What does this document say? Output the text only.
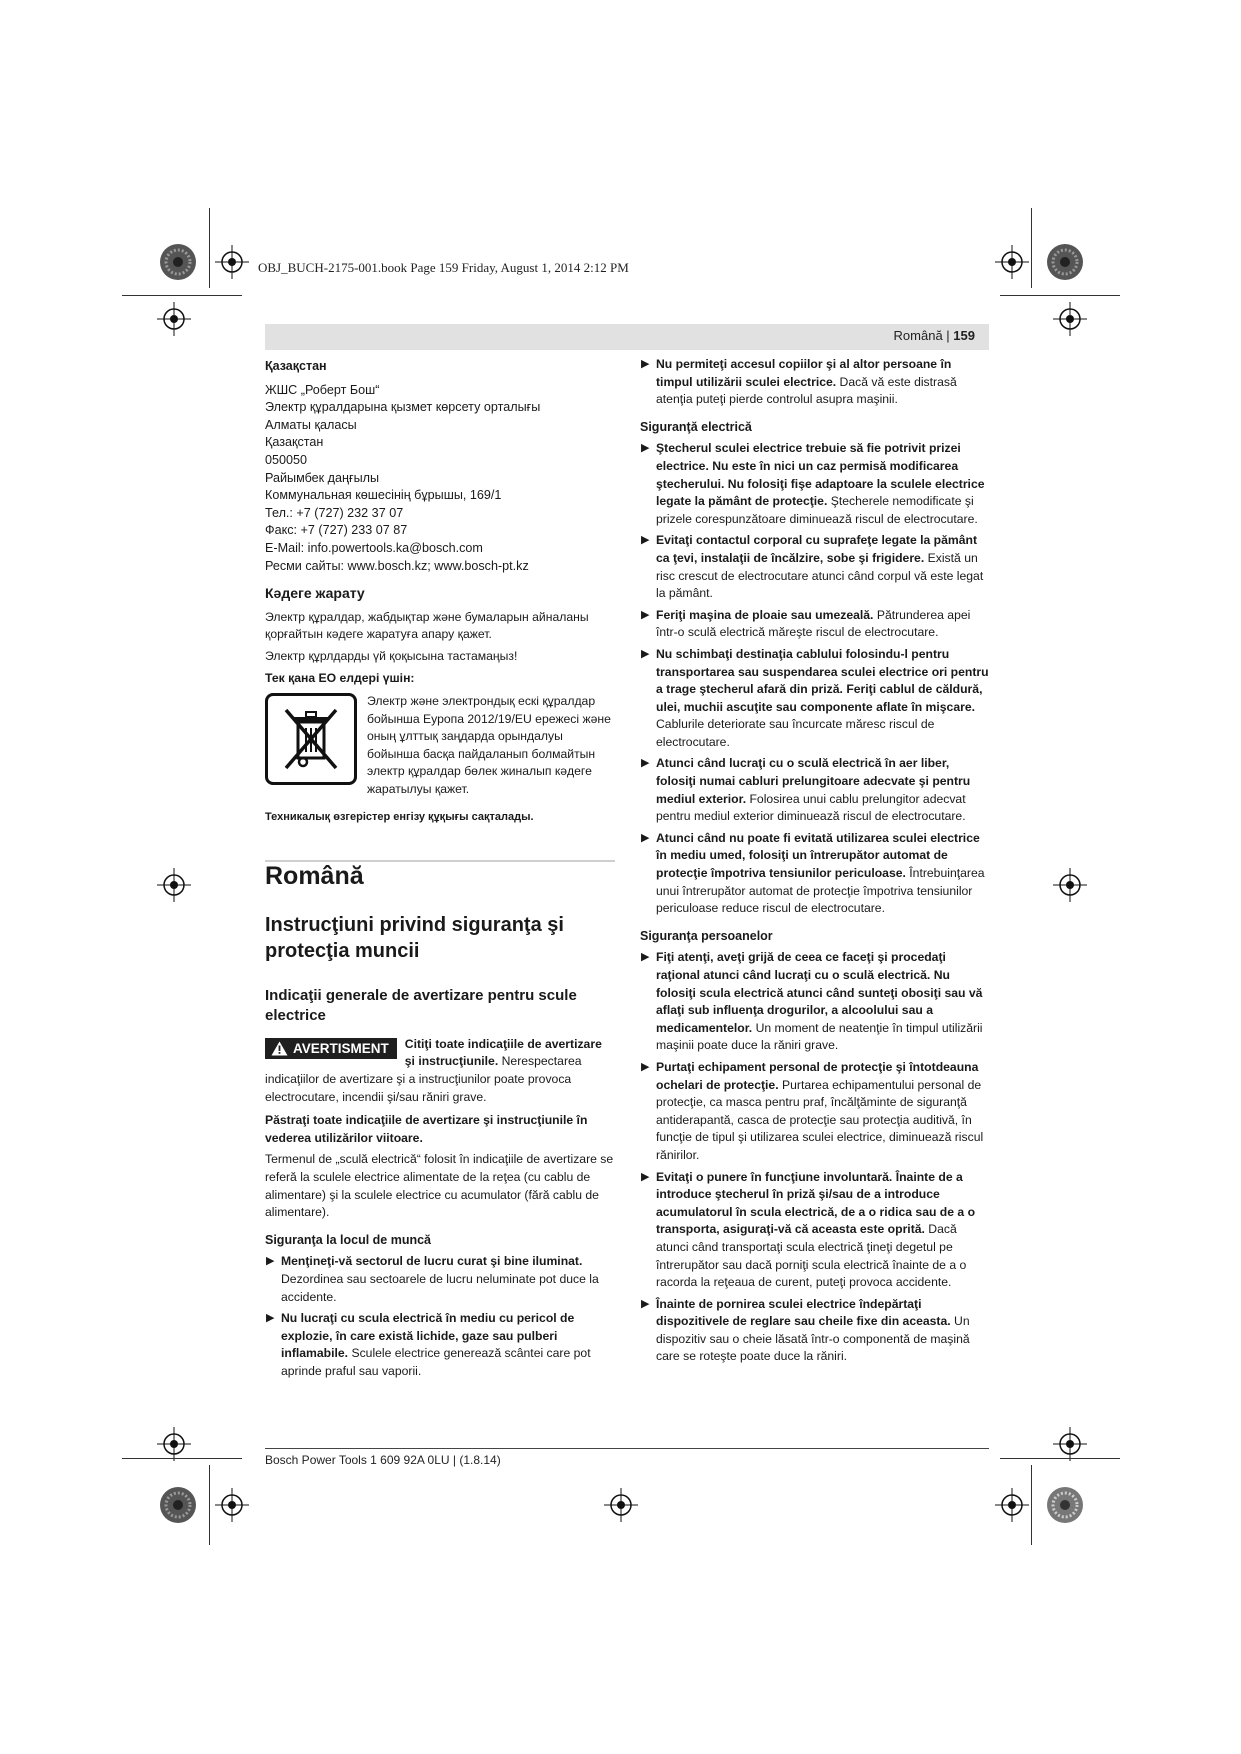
OBJ_BUCH-2175-001.book Page 159 Friday, August 1, 2014 2:12 PM
Română | 159
Қазақстан
ЖШС „Роберт Бош“
Электр құралдарына қызмет көрсету орталығы
Алматы қаласы
Қазақстан
050050
Райымбек даңғылы
Коммунальная көшесінің бұрышы, 169/1
Тел.: +7 (727) 232 37 07
Факс: +7 (727) 233 07 87
E-Mail: info.powertools.ka@bosch.com
Ресми сайты: www.bosch.kz; www.bosch-pt.kz
Кәдеге жарату

Электр құралдар, жабдықтар және бумаларын айналаны қорғайтын кәдеге жаратуға апару қажет.

Электр құрлдарды үй қоқысына тастамаңыз!

Тек қана ЕО елдері үшін:

Электр және электрондық ескі құралдар бойынша Еуропа 2012/19/EU ережесі және оның ұлттық заңдарда орындалуы бойынша басқа пайдаланып болмайтын электр құралдар бөлек жиналып кәдеге жаратылуы қажет.
Техникалық өзгерістер енгізу құқығы сақталады.
Română
Instrucţiuni privind siguranţa şi protecţia muncii
Indicaţii generale de avertizare pentru scule electrice
AVERTISMENT Citiţi toate indicaţiile de avertizare şi instrucţiunile. Nerespectarea indicaţiilor de avertizare şi a instrucţiunilor poate provoca electrocutare, incendii şi/sau răniri grave.

Păstraţi toate indicaţiile de avertizare şi instrucţiunile în vederea utilizărilor viitoare.

Termenul de „sculă electrică“ folosit în indicaţiile de avertizare se referă la sculele electrice alimentate de la reţea (cu cablu de alimentare) şi la sculele electrice cu acumulator (fără cablu de alimentare).

Siguranţa la locul de muncă
▶ Menţineţi-vă sectorul de lucru curat şi bine iluminat. Dezordinea sau sectoarele de lucru neluminate pot duce la accidente.
▶ Nu lucraţi cu scula electrică în mediu cu pericol de explozie, în care există lichide, gaze sau pulberi inflamabile. Sculele electrice generează scântei care pot aprinde praful sau vaporii.
▶ Nu permiteţi accesul copiilor şi al altor persoane în timpul utilizării sculei electrice. Dacă vă este distrasă atenţia puteţi pierde controlul asupra maşinii.
Siguranţă electrică
▶ Ştecherul sculei electrice trebuie să fie potrivit prizei electrice. Nu este în nici un caz permisă modificarea ştecherului. Nu folosiţi fişe adaptoare la sculele electrice legate la pământ de protecţie. Ştecherele nemodificate şi prizele corespunzătoare diminuează riscul de electrocutare.
▶ Evitaţi contactul corporal cu suprafeţe legate la pământ ca ţevi, instalaţii de încălzire, sobe şi frigidere. Există un risc crescut de electrocutare atunci când corpul vă este legat la pământ.
▶ Feriţi maşina de ploaie sau umezeală. Pătrunderea apei într-o sculă electrică măreşte riscul de electrocutare.
▶ Nu schimbaţi destinaţia cablului folosindu-l pentru transportarea sau suspendarea sculei electrice ori pentru a trage ştecherul afară din priză. Feriţi cablul de căldură, ulei, muchii ascuţite sau componente aflate în mişcare. Cablurile deteriorate sau încurcate măresc riscul de electrocutare.
▶ Atunci când lucraţi cu o sculă electrică în aer liber, folosiţi numai cabluri prelungitoare adecvate şi pentru mediul exterior. Folosirea unui cablu prelungitor adecvat pentru mediul exterior diminuează riscul de electrocutare.
▶ Atunci când nu poate fi evitată utilizarea sculei electrice în mediu umed, folosiţi un întrerupător automat de protecţie împotriva tensiunilor periculoase. Întrebuinţarea unui întrerupător automat de protecţie împotriva tensiunilor periculoase reduce riscul de electrocutare.
Siguranţa persoanelor
▶ Fiţi atenţi, aveţi grijă de ceea ce faceţi şi procedaţi raţional atunci când lucraţi cu o sculă electrică. Nu folosiţi scula electrică atunci când sunteţi obosiţi sau vă aflaţi sub influenţa drogurilor, a alcoolului sau a medicamentelor. Un moment de neatenţie în timpul utilizării maşinii poate duce la răniri grave.
▶ Purtaţi echipament personal de protecţie şi întotdeauna ochelari de protecţie. Purtarea echipamentului personal de protecţie, ca masca pentru praf, încălţăminte de siguranţă antiderapantă, casca de protecţie sau protecţia auditivă, în funcţie de tipul şi utilizarea sculei electrice, diminuează riscul rănirilor.
▶ Evitaţi o punere în funcţiune involuntară. Înainte de a introduce ştecherul în priză şi/sau de a introduce acumulatorul în scula electrică, de a o ridica sau de a o transporta, asiguraţi-vă că aceasta este oprită. Dacă atunci când transportaţi scula electrică ţineţi degetul pe întrerupător sau dacă porniţi scula electrică înainte de a o racorda la reţeaua de curent, puteţi provoca accidente.
▶ Înainte de pornirea sculei electrice îndepărtaţi dispozitivele de reglare sau cheile fixe din aceasta. Un dispozitiv sau o cheie lăsată într-o componentă de maşină care se roteşte poate duce la răniri.
Bosch Power Tools 1 609 92A 0LU | (1.8.14)
